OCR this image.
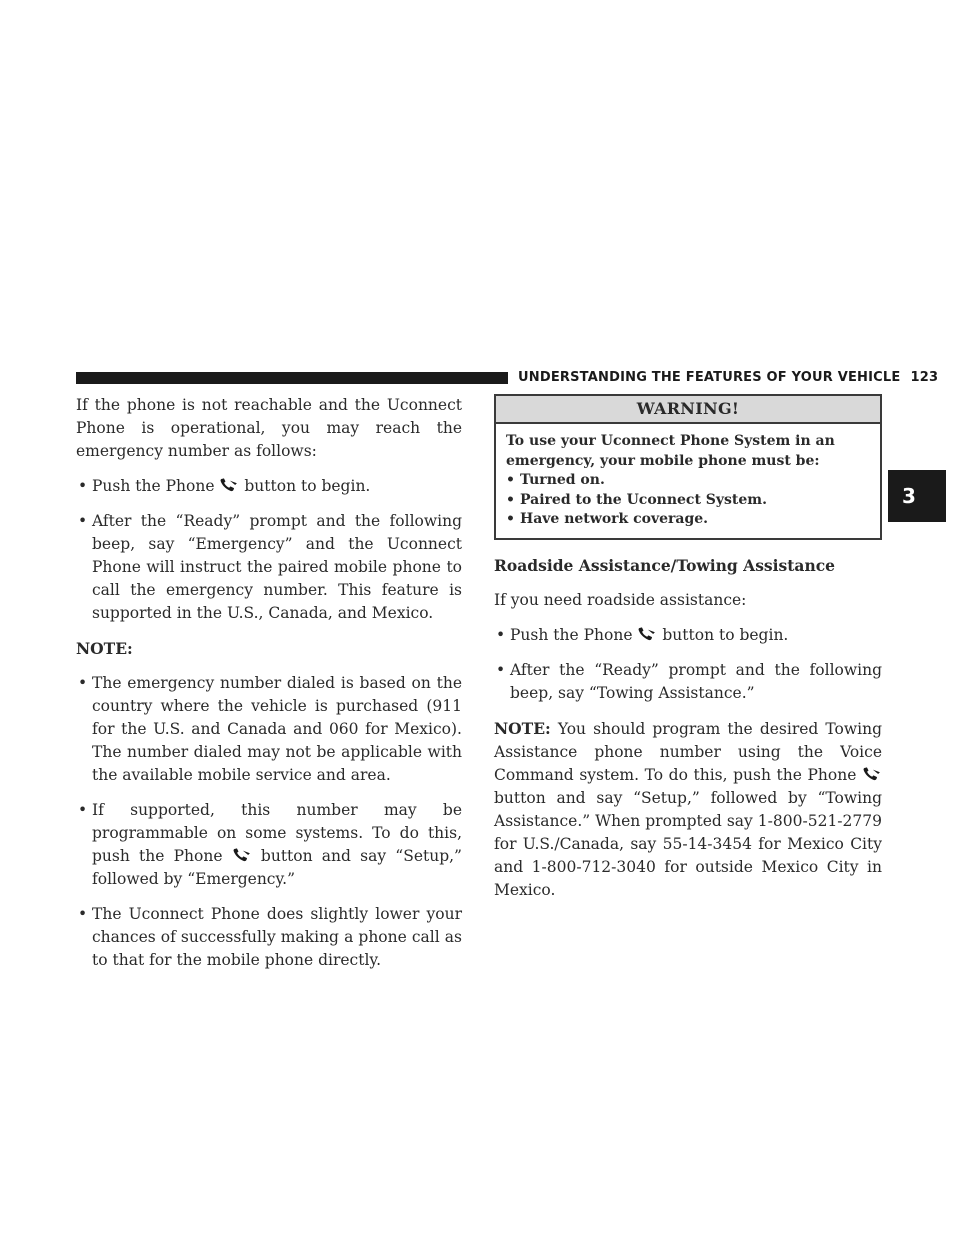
UNDERSTANDING THE FEATURES OF YOUR VEHICLE 123
3

If the phone is not reachable and the Uconnect Phone is operational, you may reach the emergency number as follows:

• Push the Phone button to begin.
• After the “Ready” prompt and the following beep, say “Emergency” and the Uconnect Phone will instruct the paired mobile phone to call the emergency number. This feature is supported in the U.S., Canada, and Mexico.
NOTE:
• The emergency number dialed is based on the country where the vehicle is purchased (911 for the U.S. and Canada and 060 for Mexico). The number dialed may not be applicable with the available mobile service and area.
• If supported, this number may be programmable on some systems. To do this, push the Phone button and say “Setup,” followed by “Emergency.”
• The Uconnect Phone does slightly lower your chances of successfully making a phone call as to that for the mobile phone directly.
WARNING!
To use your Uconnect Phone System in an emergency, your mobile phone must be:
• Turned on.
• Paired to the Uconnect System.
• Have network coverage.
Roadside Assistance/Towing Assistance

If you need roadside assistance:

• Push the Phone button to begin.
• After the “Ready” prompt and the following beep, say “Towing Assistance.”

NOTE: You should program the desired Towing Assistance phone number using the Voice Command system. To do this, push the Phone
button and say “Setup,” followed by “Towing Assistance.” When prompted say 1-800-521-2779 for U.S./Canada, say 55-14-3454 for Mexico City and 1-800-712-3040 for outside Mexico City in Mexico.
